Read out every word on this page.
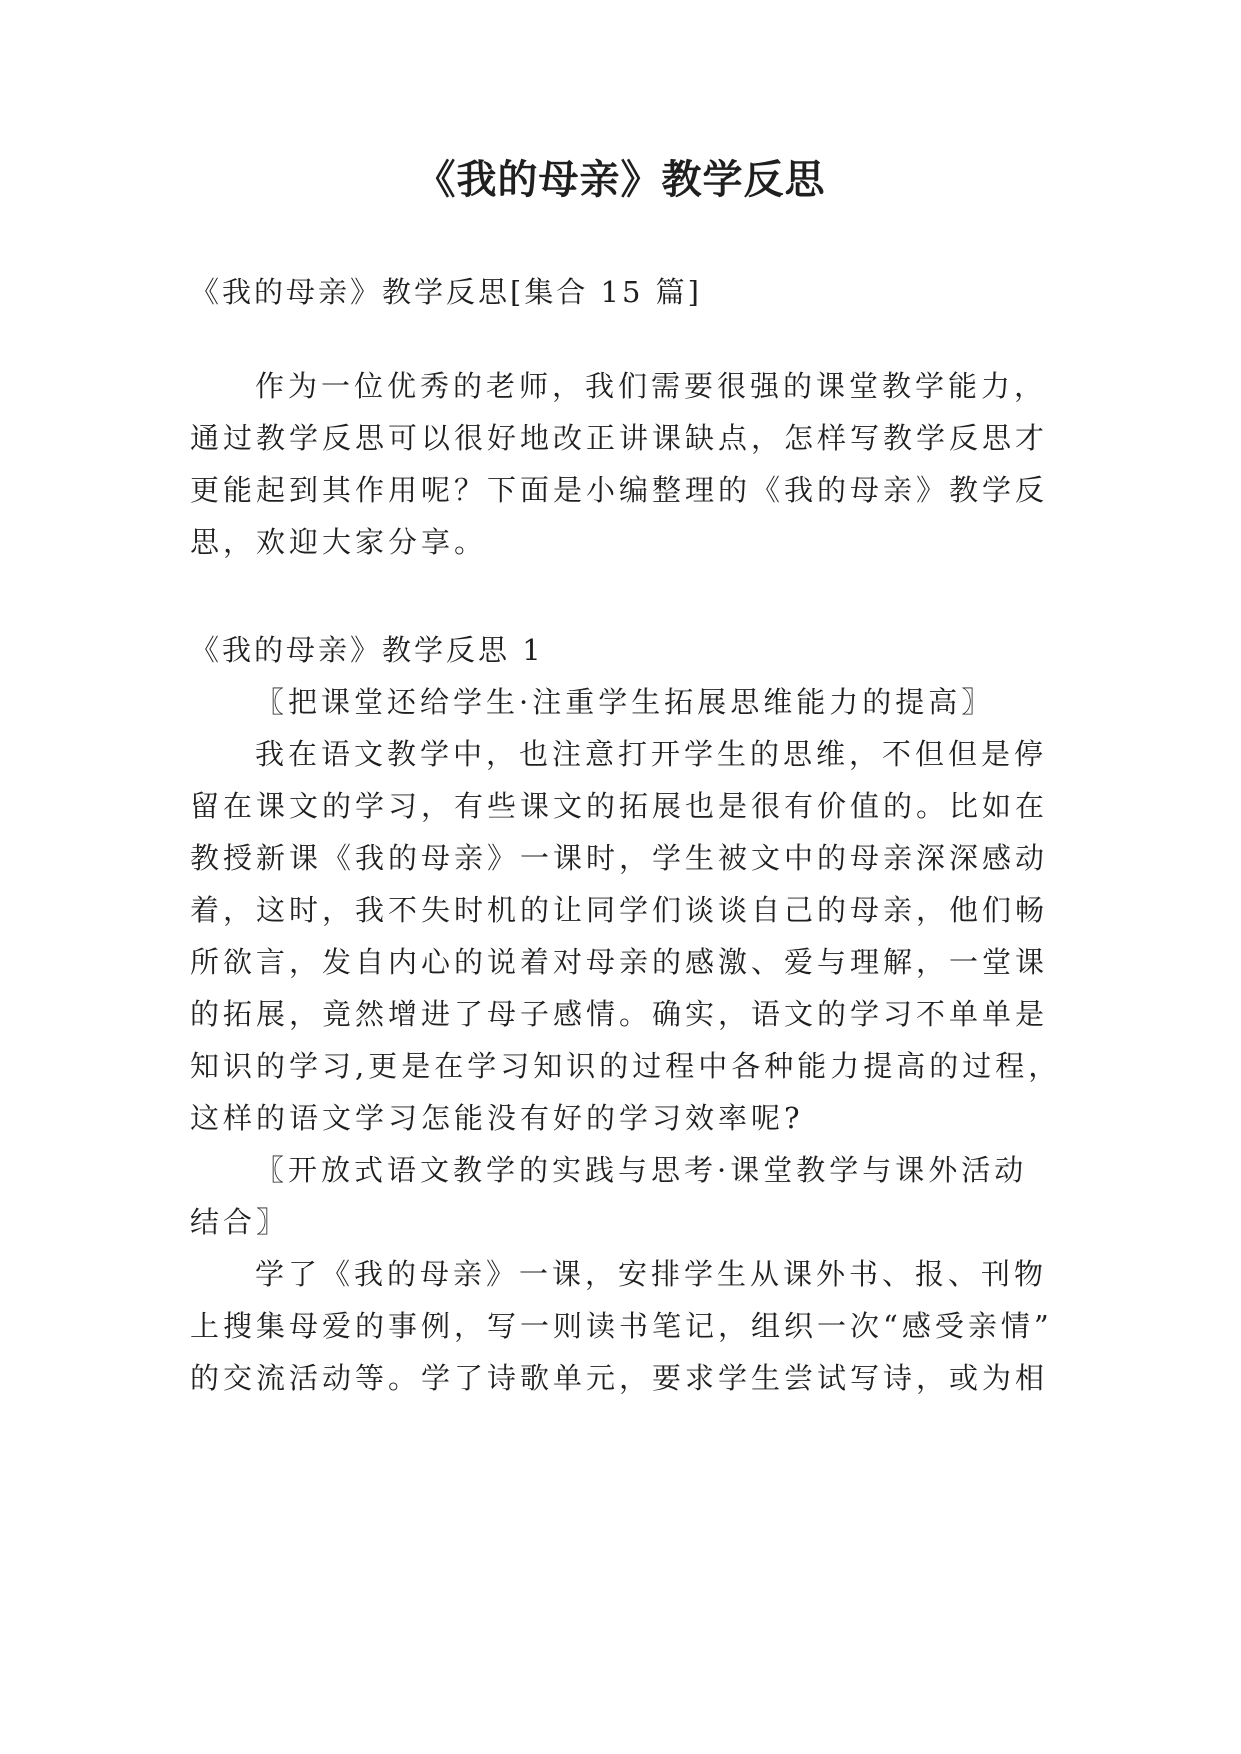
《我的母亲》教学反思

《我的母亲》教学反思[集合 15 篇]

作为一位优秀的老师，我们需要很强的课堂教学能力，

通过教学反思可以很好地改正讲课缺点，怎样写教学反思才

更能起到其作用呢？下面是小编整理的《我的母亲》教学反

思，欢迎大家分享。

《我的母亲》教学反思 1

〖把课堂还给学生·注重学生拓展思维能力的提高〗

我在语文教学中，也注意打开学生的思维，不但但是停

留在课文的学习，有些课文的拓展也是很有价值的。比如在

教授新课《我的母亲》一课时，学生被文中的母亲深深感动

着，这时，我不失时机的让同学们谈谈自己的母亲，他们畅

所欲言，发自内心的说着对母亲的感激、爱与理解，一堂课

的拓展，竟然增进了母子感情。确实，语文的学习不单单是

知识的学习,更是在学习知识的过程中各种能力提高的过程，

这样的语文学习怎能没有好的学习效率呢?

〖开放式语文教学的实践与思考·课堂教学与课外活动

结合〗

学了《我的母亲》一课，安排学生从课外书、报、刊物

上搜集母爱的事例，写一则读书笔记，组织一次“感受亲情”

的交流活动等。学了诗歌单元，要求学生尝试写诗，或为相
